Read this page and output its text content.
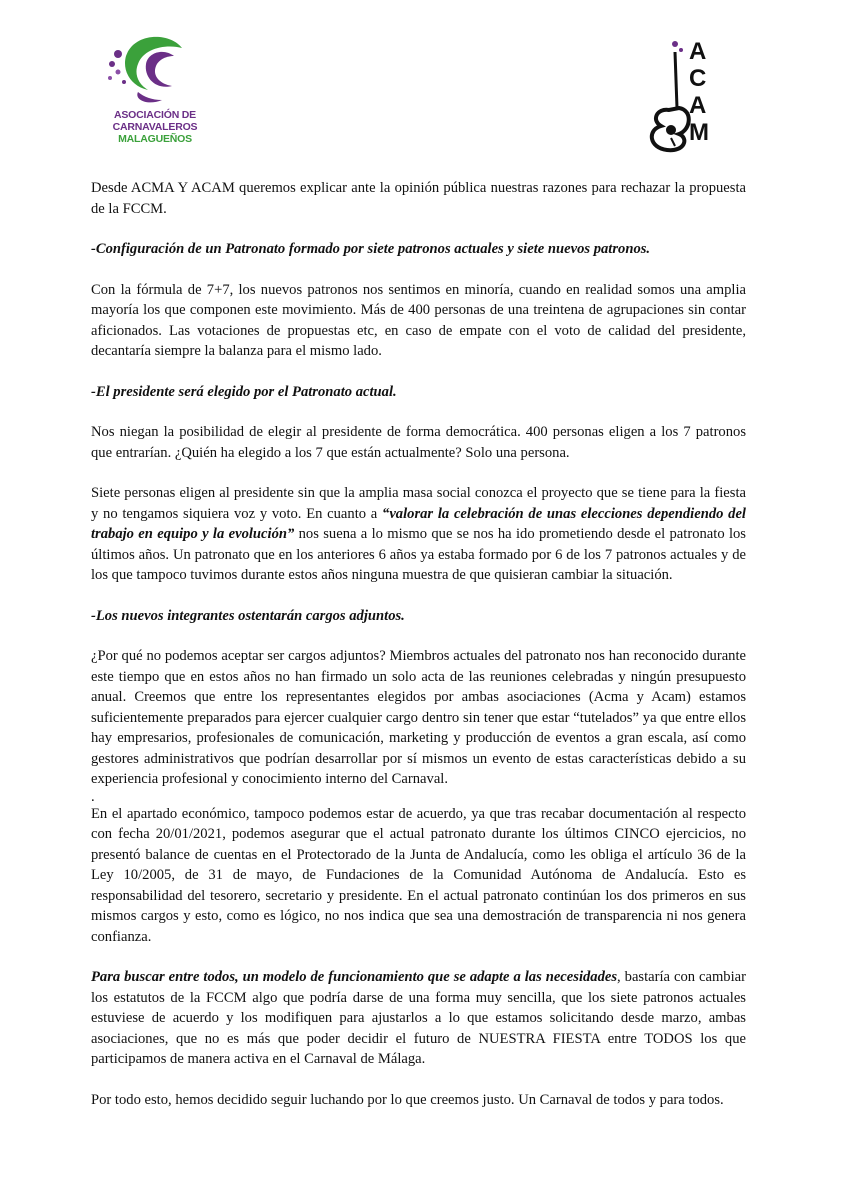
ASOCIACIÓN DE
CARNAVALEROS
MALAGUEÑOS
A
C
A
M

Desde ACMA Y ACAM queremos explicar ante la opinión pública nuestras razones para rechazar la propuesta de la FCCM.

-Configuración de un Patronato formado por siete patronos actuales y siete nuevos patronos.

Con la fórmula de 7+7, los nuevos patronos nos sentimos en minoría, cuando en realidad somos una amplia mayoría los que componen este movimiento. Más de 400 personas de una treintena de agrupaciones sin contar aficionados. Las votaciones de propuestas etc, en caso de empate con el voto de calidad del presidente, decantaría siempre la balanza para el mismo lado.

-El presidente será elegido por el Patronato actual.

Nos niegan la posibilidad de elegir al presidente de forma democrática. 400 personas eligen a los 7 patronos que entrarían. ¿Quién ha elegido a los 7 que están actualmente? Solo una persona.

Siete personas eligen al presidente sin que la amplia masa social conozca el proyecto que se tiene para la fiesta y no tengamos siquiera voz y voto. En cuanto a “valorar la celebración de unas elecciones dependiendo del trabajo en equipo y la evolución” nos suena a lo mismo que se nos ha ido prometiendo desde el patronato los últimos años. Un patronato que en los anteriores 6 años ya estaba formado por 6 de los 7 patronos actuales y de los que tampoco tuvimos durante estos años ninguna muestra de que quisieran cambiar la situación.

-Los nuevos integrantes ostentarán cargos adjuntos.

¿Por qué no podemos aceptar ser cargos adjuntos? Miembros actuales del patronato nos han reconocido durante este tiempo que en estos años no han firmado un solo acta de las reuniones celebradas y ningún presupuesto anual. Creemos que entre los representantes elegidos por ambas asociaciones (Acma y Acam) estamos suficientemente preparados para ejercer cualquier cargo dentro sin tener que estar “tutelados” ya que entre ellos hay empresarios, profesionales de comunicación, marketing y producción de eventos a gran escala, así como gestores administrativos que podrían desarrollar por sí mismos un evento de estas características debido a su experiencia profesional y conocimiento interno del Carnaval.

.

En el apartado económico, tampoco podemos estar de acuerdo, ya que tras recabar documentación al respecto con fecha 20/01/2021, podemos asegurar que el actual patronato durante los últimos CINCO ejercicios, no presentó balance de cuentas en el Protectorado de la Junta de Andalucía, como les obliga el artículo 36 de la Ley 10/2005, de 31 de mayo, de Fundaciones de la Comunidad Autónoma de Andalucía. Esto es responsabilidad del tesorero, secretario y presidente. En el actual patronato continúan los dos primeros en sus mismos cargos y esto, como es lógico, no nos indica que sea una demostración de transparencia ni nos genera confianza.

Para buscar entre todos, un modelo de funcionamiento que se adapte a las necesidades, bastaría con cambiar los estatutos de la FCCM algo que podría darse de una forma muy sencilla, que los siete patronos actuales estuviese de acuerdo y los modifiquen para ajustarlos a lo que estamos solicitando desde marzo, ambas asociaciones, que no es más que poder decidir el futuro de NUESTRA FIESTA entre TODOS los que participamos de manera activa en el Carnaval de Málaga.

Por todo esto, hemos decidido seguir luchando por lo que creemos justo. Un Carnaval de todos y para todos.
